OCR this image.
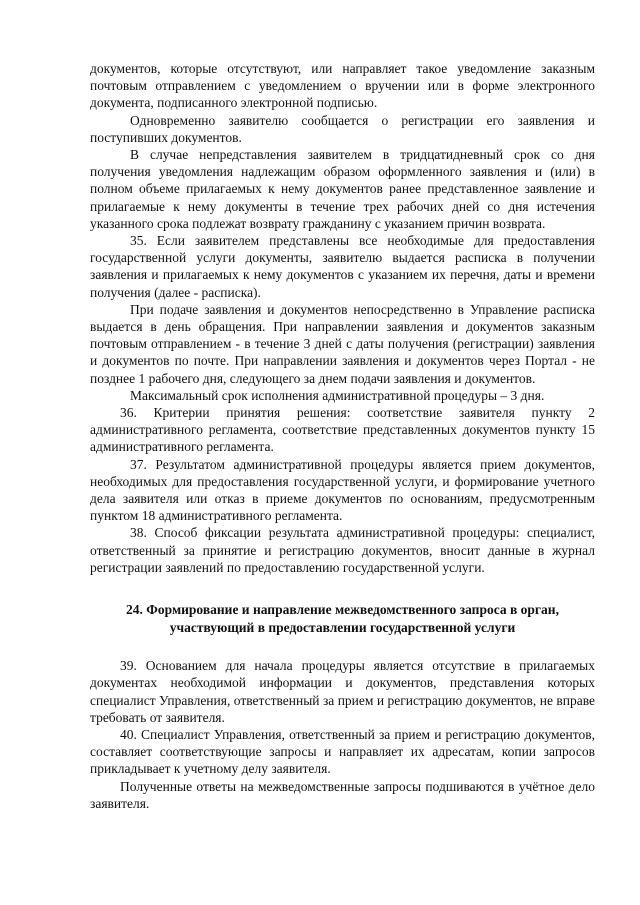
документов, которые отсутствуют, или направляет такое уведомление заказным почтовым отправлением с уведомлением о вручении или в форме электронного документа, подписанного электронной подписью.

Одновременно заявителю сообщается о регистрации его заявления и поступивших документов.

В случае непредставления заявителем в тридцатидневный срок со дня получения уведомления надлежащим образом оформленного заявления и (или) в полном объеме прилагаемых к нему документов ранее представленное заявление и прилагаемые к нему документы в течение трех рабочих дней со дня истечения указанного срока подлежат возврату гражданину с указанием причин возврата.

35. Если заявителем представлены все необходимые для предоставления государственной услуги документы, заявителю выдается расписка в получении заявления и прилагаемых к нему документов с указанием их перечня, даты и времени получения (далее - расписка).

При подаче заявления и документов непосредственно в Управление расписка выдается в день обращения. При направлении заявления и документов заказным почтовым отправлением - в течение 3 дней с даты получения (регистрации) заявления и документов по почте. При направлении заявления и документов через Портал - не позднее 1 рабочего дня, следующего за днем подачи заявления и документов.

Максимальный срок исполнения административной процедуры – 3 дня.

36. Критерии принятия решения: соответствие заявителя пункту 2 административного регламента, соответствие представленных документов пункту 15 административного регламента.

37. Результатом административной процедуры является прием документов, необходимых для предоставления государственной услуги, и формирование учетного дела заявителя или отказ в приеме документов по основаниям, предусмотренным пунктом 18 административного регламента.

38. Способ фиксации результата административной процедуры: специалист, ответственный за принятие и регистрацию документов, вносит данные в журнал регистрации заявлений по предоставлению государственной услуги.

24. Формирование и направление межведомственного запроса в орган, участвующий в предоставлении государственной услуги

39. Основанием для начала процедуры является отсутствие в прилагаемых документах необходимой информации и документов, представления которых специалист Управления, ответственный за прием и регистрацию документов, не вправе требовать от заявителя.

40. Специалист Управления, ответственный за прием и регистрацию документов, составляет соответствующие запросы и направляет их адресатам, копии запросов прикладывает к учетному делу заявителя.

Полученные ответы на межведомственные запросы подшиваются в учётное дело заявителя.
